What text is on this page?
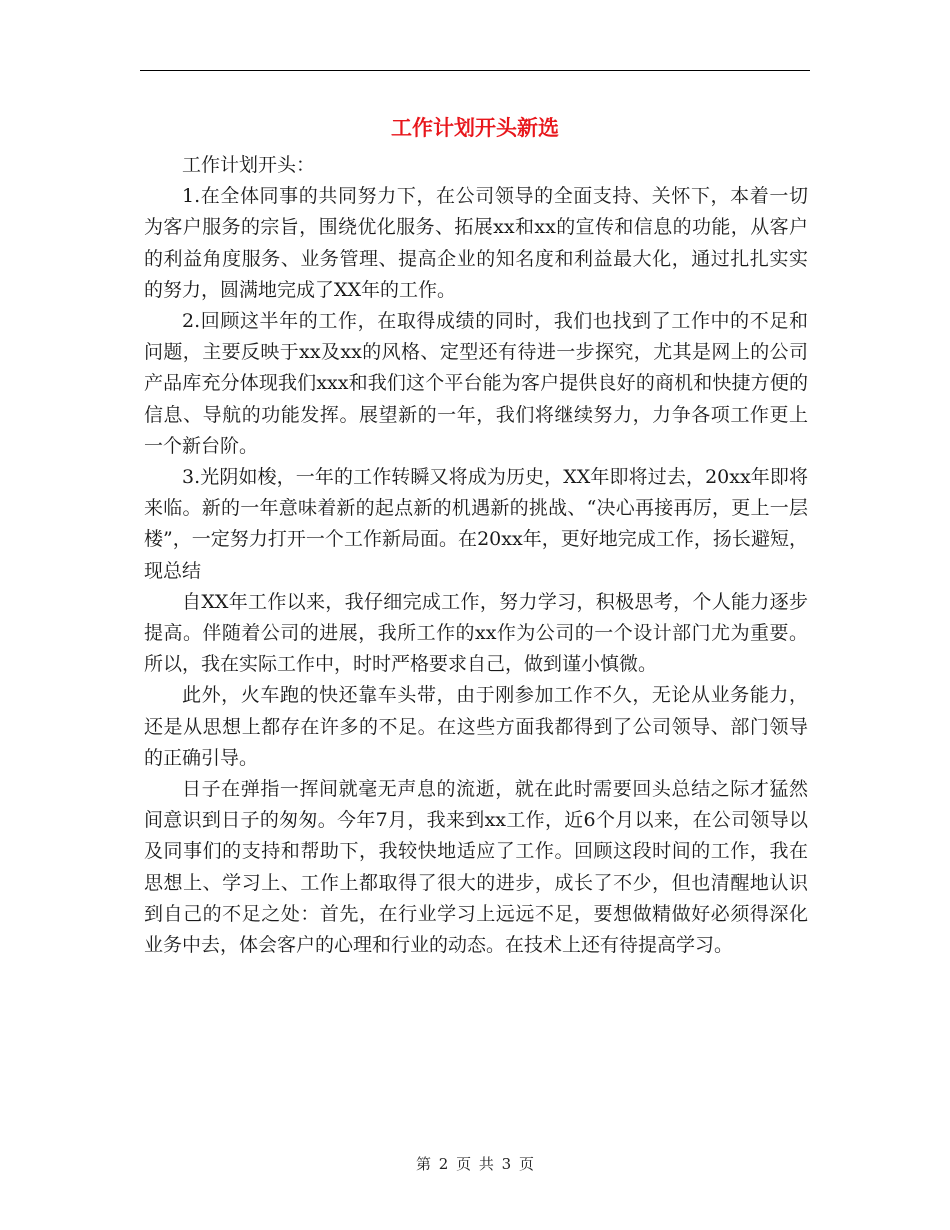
工作计划开头新选

工作计划开头：

1.在全体同事的共同努力下，在公司领导的全面支持、关怀下，本着一切为客户服务的宗旨，围绕优化服务、拓展xx和xx的宣传和信息的功能，从客户的利益角度服务、业务管理、提高企业的知名度和利益最大化，通过扎扎实实的努力，圆满地完成了XX年的工作。

2.回顾这半年的工作，在取得成绩的同时，我们也找到了工作中的不足和问题，主要反映于xx及xx的风格、定型还有待进一步探究，尤其是网上的公司产品库充分体现我们xxx和我们这个平台能为客户提供良好的商机和快捷方便的信息、导航的功能发挥。展望新的一年，我们将继续努力，力争各项工作更上一个新台阶。

3.光阴如梭，一年的工作转瞬又将成为历史，XX年即将过去，20xx年即将来临。新的一年意味着新的起点新的机遇新的挑战、“决心再接再厉，更上一层楼”，一定努力打开一个工作新局面。在20xx年，更好地完成工作，扬长避短，现总结

自XX年工作以来，我仔细完成工作，努力学习，积极思考，个人能力逐步提高。伴随着公司的进展，我所工作的xx作为公司的一个设计部门尤为重要。所以，我在实际工作中，时时严格要求自己，做到谨小慎微。

此外，火车跑的快还靠车头带，由于刚参加工作不久，无论从业务能力，还是从思想上都存在许多的不足。在这些方面我都得到了公司领导、部门领导的正确引导。

日子在弹指一挥间就毫无声息的流逝，就在此时需要回头总结之际才猛然间意识到日子的匆匆。今年7月，我来到xx工作，近6个月以来，在公司领导以及同事们的支持和帮助下，我较快地适应了工作。回顾这段时间的工作，我在思想上、学习上、工作上都取得了很大的进步，成长了不少，但也清醒地认识到自己的不足之处：首先，在行业学习上远远不足，要想做精做好必须得深化业务中去，体会客户的心理和行业的动态。在技术上还有待提高学习。

第 2 页 共 3 页
